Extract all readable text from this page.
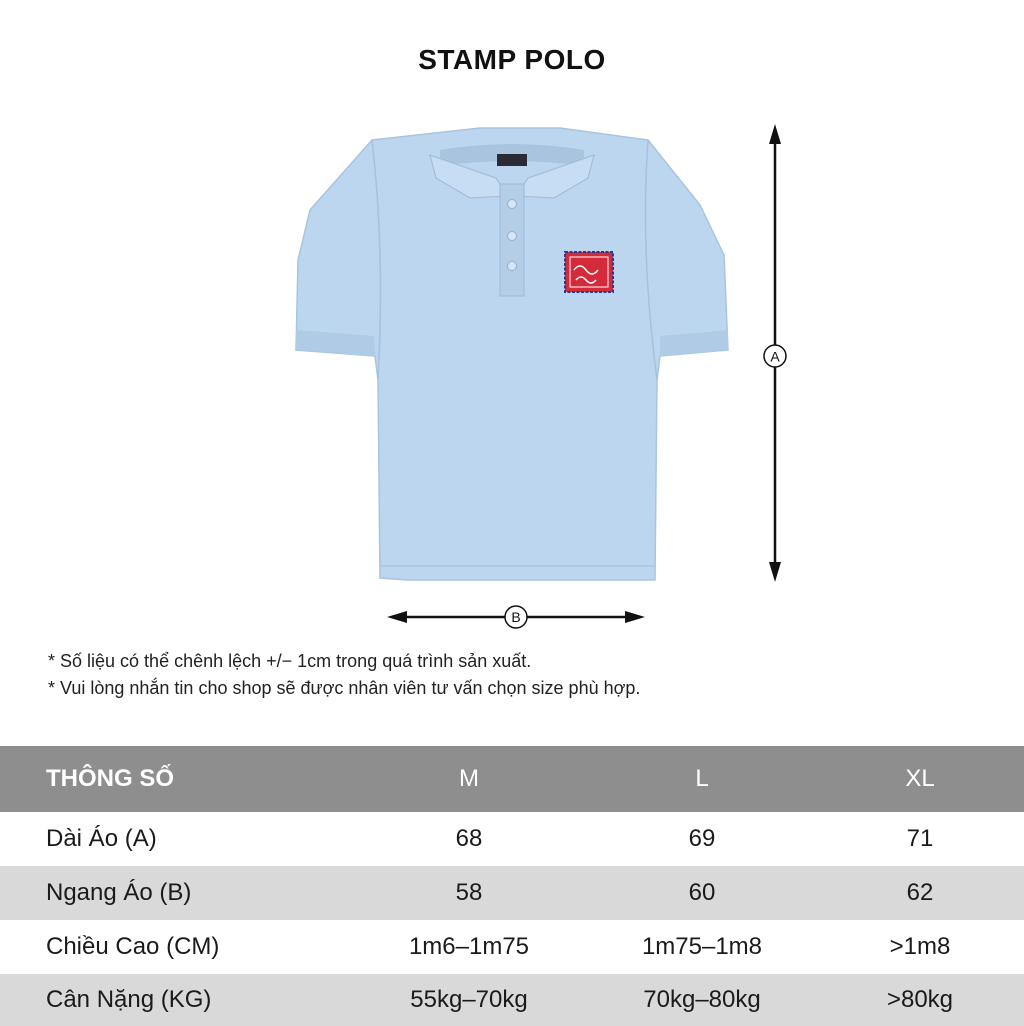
STAMP POLO
A
B
* Số liệu có thể chênh lệch +/− 1cm trong quá trình sản xuất.
* Vui lòng nhắn tin cho shop sẽ được nhân viên tư vấn chọn size phù hợp.
THÔNG SỐ	M	L	XL
Dài Áo (A)	68	69	71
Ngang Áo (B)	58	60	62
Chiều Cao (CM)	1m6–1m75	1m75–1m8	>1m8
Cân Nặng (KG)	55kg–70kg	70kg–80kg	>80kg
